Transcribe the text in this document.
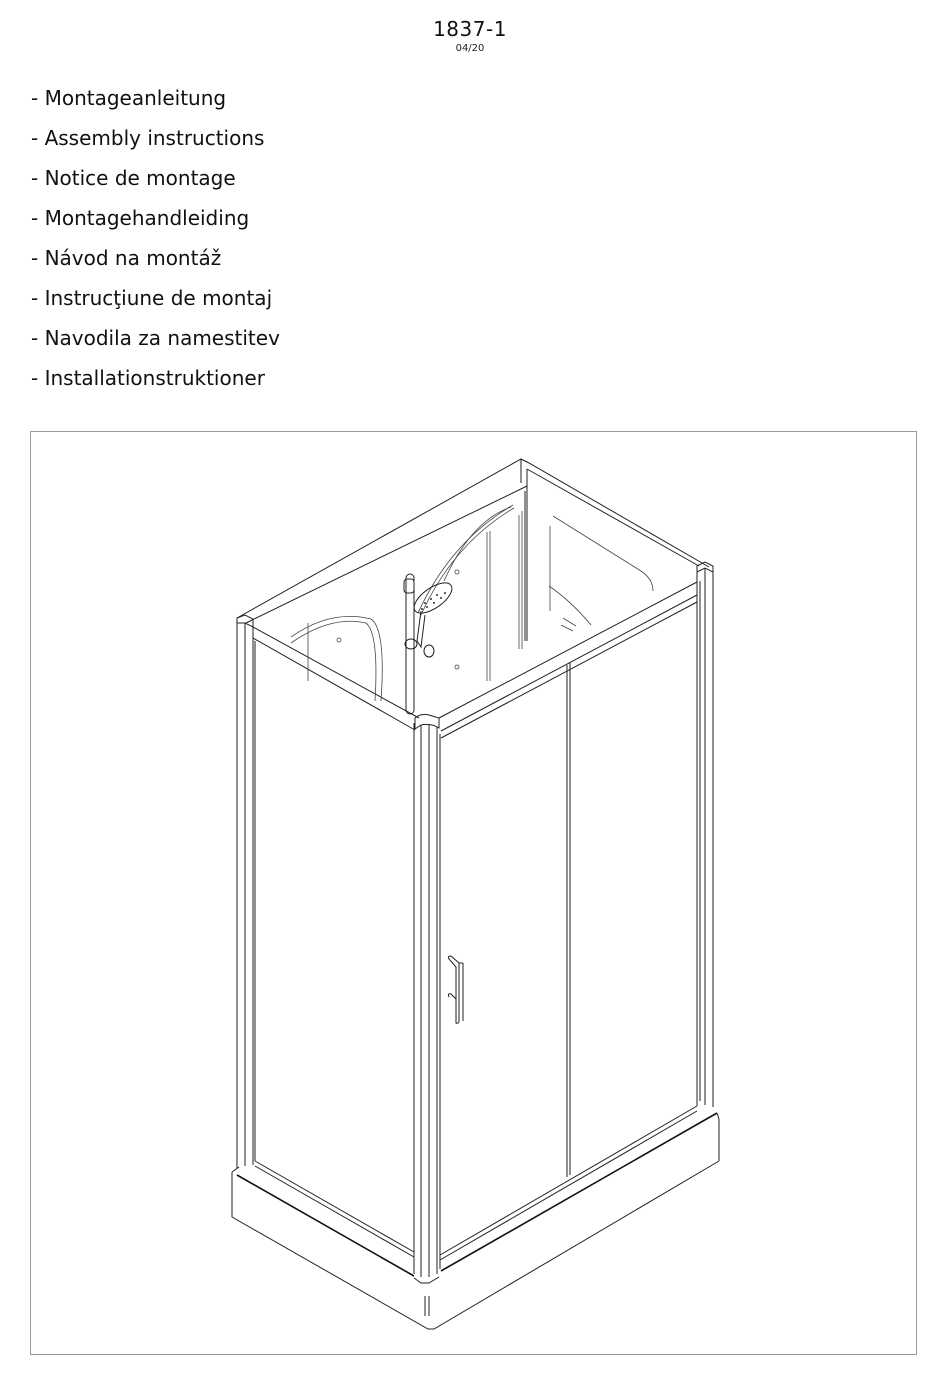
1837-1
04/20
- Montageanleitung
- Assembly instructions
- Notice de montage
- Montagehandleiding
- Návod na montáž
- Instrucţiune de montaj
- Navodila za namestitev
- Installationstruktioner
